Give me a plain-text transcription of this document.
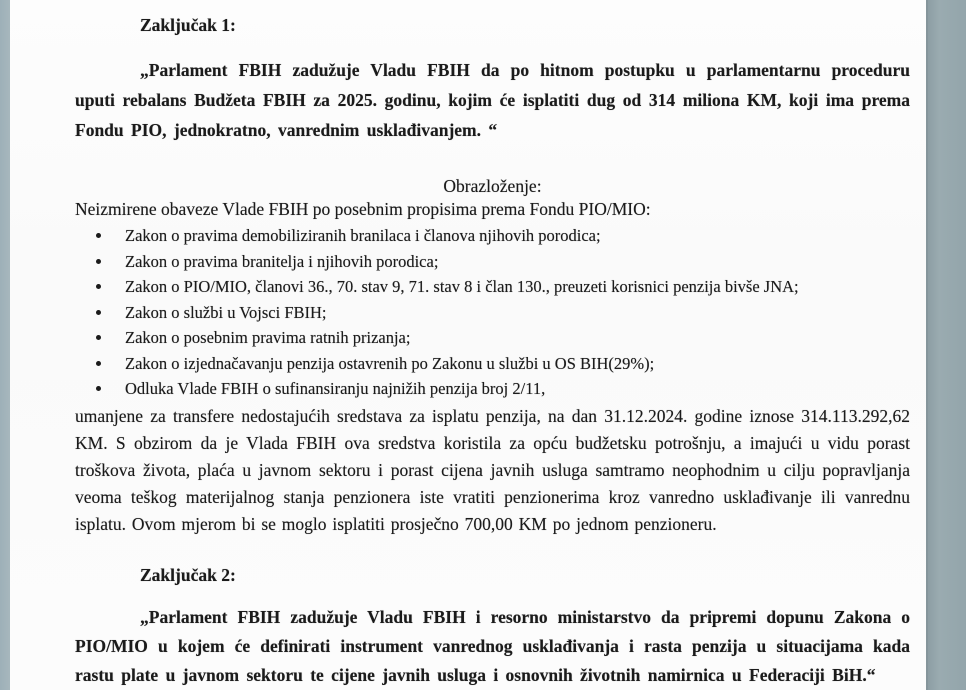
Zaključak 1:

„Parlament FBIH zadužuje Vladu FBIH da po hitnom postupku u parlamentarnu proceduru uputi rebalans Budžeta FBIH za 2025. godinu, kojim će isplatiti dug od 314 miliona KM, koji ima prema Fondu PIO, jednokratno, vanrednim usklađivanjem. “

Obrazloženje:
Neizmirene obaveze Vlade FBIH po posebnim propisima prema Fondu PIO/MIO:
• Zakon o pravima demobiliziranih branilaca i članova njihovih porodica;
• Zakon o pravima branitelja i njihovih porodica;
• Zakon o PIO/MIO, članovi 36., 70. stav 9, 71. stav 8 i član 130., preuzeti korisnici penzija bivše JNA;
• Zakon o službi u Vojsci FBIH;
• Zakon o posebnim pravima ratnih prizanja;
• Zakon o izjednačavanju penzija ostavrenih po Zakonu u službi u OS BIH(29%);
• Odluka Vlade FBIH o sufinansiranju najnižih penzija broj 2/11,

umanjene za transfere nedostajućih sredstava za isplatu penzija, na dan 31.12.2024. godine iznose 314.113.292,62 KM. S obzirom da je Vlada FBIH ova sredstva koristila za opću budžetsku potrošnju, a imajući u vidu porast troškova života, plaća u javnom sektoru i porast cijena javnih usluga samtramo neophodnim u cilju popravljanja veoma teškog materijalnog stanja penzionera iste vratiti penzionerima kroz vanredno usklađivanje ili vanrednu isplatu. Ovom mjerom bi se moglo isplatiti prosječno 700,00 KM po jednom penzioneru.

Zaključak 2:

„Parlament FBIH zadužuje Vladu FBIH i resorno ministarstvo da pripremi dopunu Zakona o PIO/MIO u kojem će definirati instrument vanrednog usklađivanja i rasta penzija u situacijama kada rastu plate u javnom sektoru te cijene javnih usluga i osnovnih životnih namirnica u Federaciji BiH.“
